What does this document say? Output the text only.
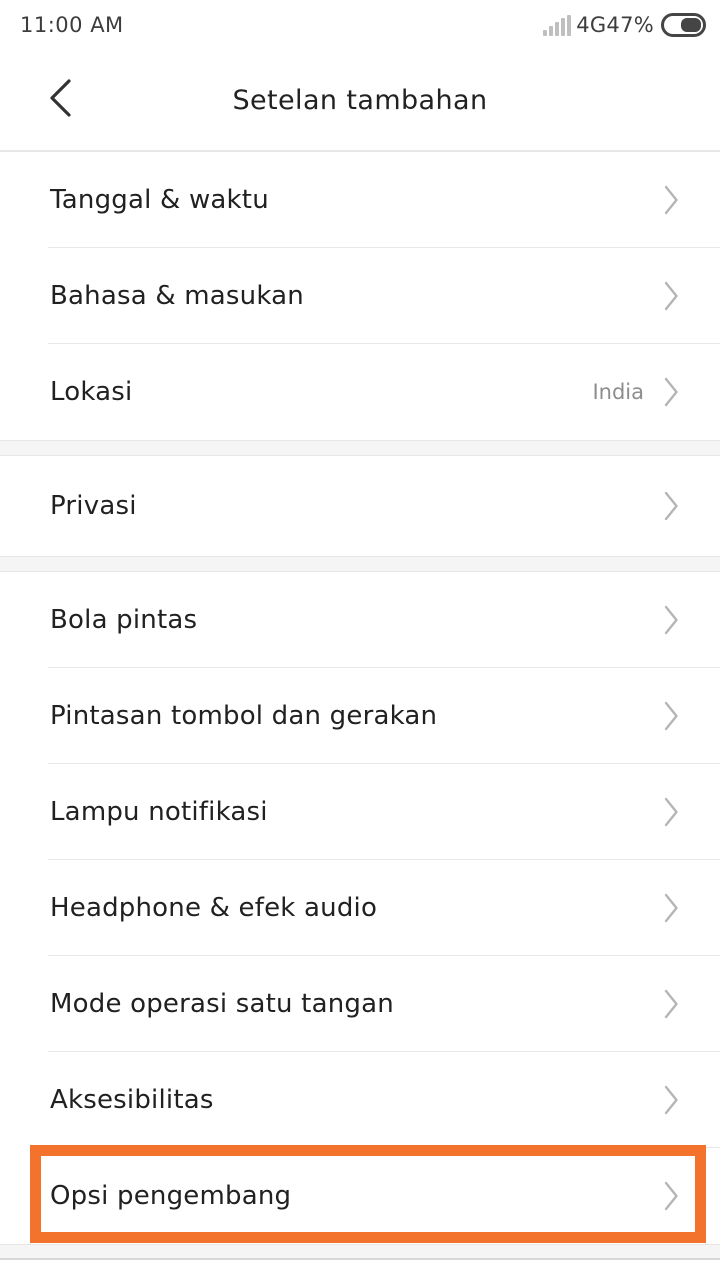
11:00 AM	4G 47%
Setelan tambahan
Tanggal & waktu
Bahasa & masukan
Lokasi	India
Privasi
Bola pintas
Pintasan tombol dan gerakan
Lampu notifikasi
Headphone & efek audio
Mode operasi satu tangan
Aksesibilitas
Opsi pengembang
